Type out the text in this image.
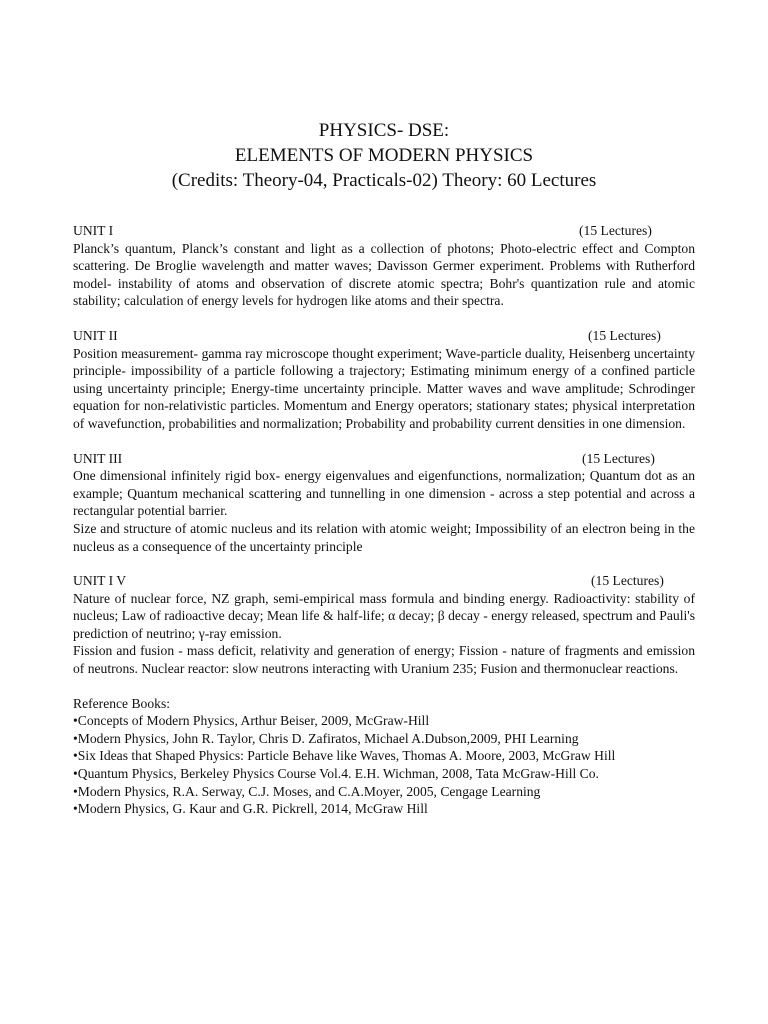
PHYSICS- DSE:
ELEMENTS OF MODERN PHYSICS
(Credits: Theory-04, Practicals-02) Theory: 60 Lectures
UNIT I	(15 Lectures)

Planck’s quantum, Planck’s constant and light as a collection of photons; Photo-electric effect and Compton scattering. De Broglie wavelength and matter waves; Davisson Germer experiment. Problems with Rutherford model- instability of atoms and observation of discrete atomic spectra; Bohr's quantization rule and atomic stability; calculation of energy levels for hydrogen like atoms and their spectra.

UNIT II	(15 Lectures)

Position measurement- gamma ray microscope thought experiment; Wave-particle duality, Heisenberg uncertainty principle- impossibility of a particle following a trajectory; Estimating minimum energy of a confined particle using uncertainty principle; Energy-time uncertainty principle. Matter waves and wave amplitude; Schrodinger equation for non-relativistic particles. Momentum and Energy operators; stationary states; physical interpretation of wavefunction, probabilities and normalization; Probability and probability current densities in one dimension.

UNIT III	(15 Lectures)

One dimensional infinitely rigid box- energy eigenvalues and eigenfunctions, normalization; Quantum dot as an example; Quantum mechanical scattering and tunnelling in one dimension - across a step potential and across a rectangular potential barrier.

Size and structure of atomic nucleus and its relation with atomic weight; Impossibility of an electron being in the nucleus as a consequence of the uncertainty principle

UNIT I V	(15 Lectures)

Nature of nuclear force, NZ graph, semi-empirical mass formula and binding energy. Radioactivity: stability of nucleus; Law of radioactive decay; Mean life & half-life; α decay; β decay - energy released, spectrum and Pauli's prediction of neutrino; γ-ray emission.

Fission and fusion - mass deficit, relativity and generation of energy; Fission - nature of fragments and emission of neutrons. Nuclear reactor: slow neutrons interacting with Uranium 235; Fusion and thermonuclear reactions.

Reference Books:
•Concepts of Modern Physics, Arthur Beiser, 2009, McGraw-Hill
•Modern Physics, John R. Taylor, Chris D. Zafiratos, Michael A.Dubson,2009, PHI Learning
•Six Ideas that Shaped Physics: Particle Behave like Waves, Thomas A. Moore, 2003, McGraw Hill
•Quantum Physics, Berkeley Physics Course Vol.4. E.H. Wichman, 2008, Tata McGraw-Hill Co.
•Modern Physics, R.A. Serway, C.J. Moses, and C.A.Moyer, 2005, Cengage Learning
•Modern Physics, G. Kaur and G.R. Pickrell, 2014, McGraw Hill
